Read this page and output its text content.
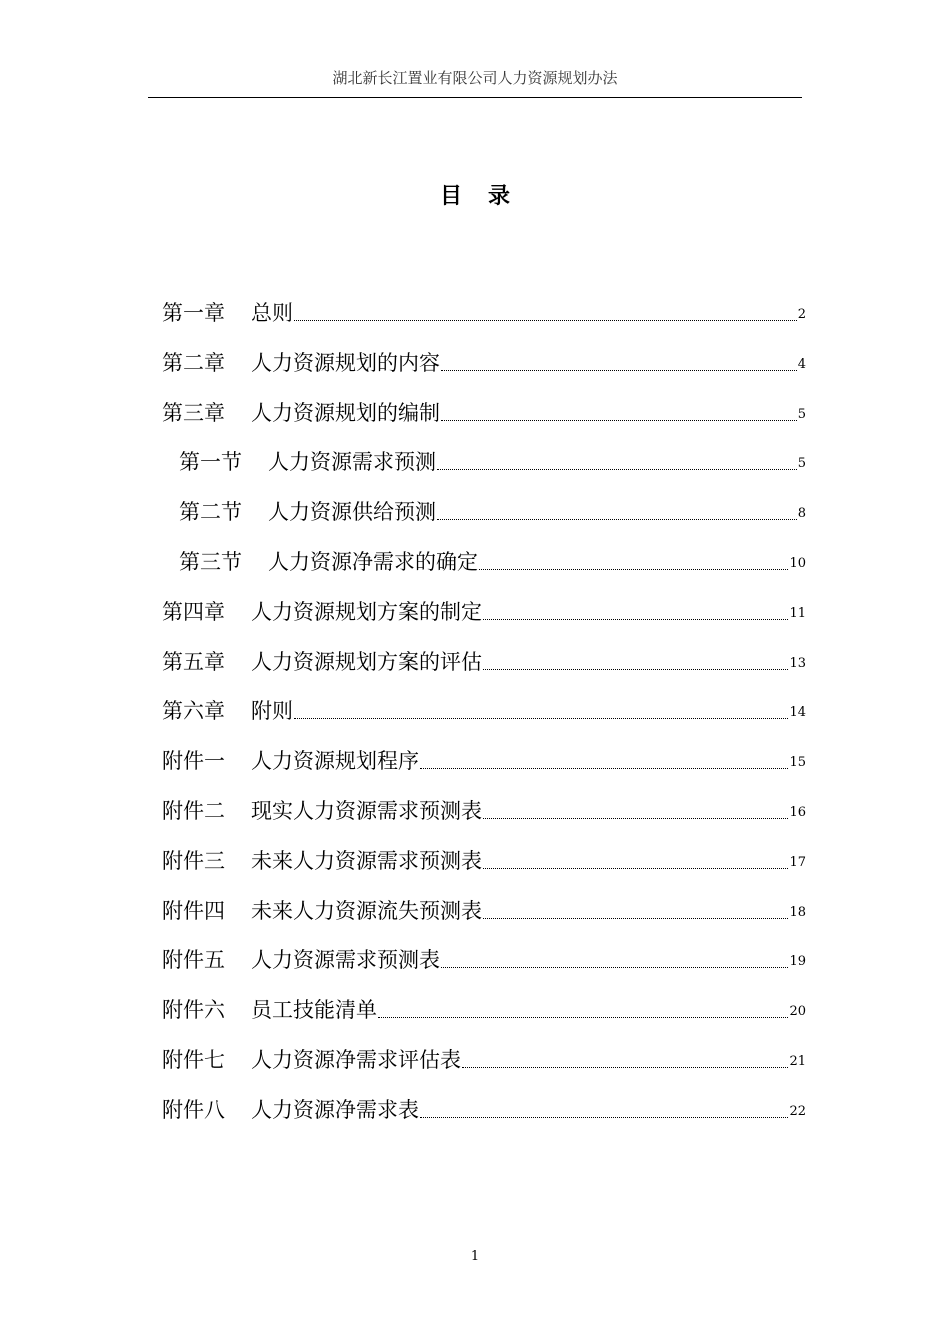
湖北新长江置业有限公司人力资源规划办法
目录
第一章 总则	2
第二章 人力资源规划的内容	4
第三章 人力资源规划的编制	5
第一节 人力资源需求预测	5
第二节 人力资源供给预测	8
第三节 人力资源净需求的确定	10
第四章 人力资源规划方案的制定	11
第五章 人力资源规划方案的评估	13
第六章 附则	14
附件一 人力资源规划程序	15
附件二 现实人力资源需求预测表	16
附件三 未来人力资源需求预测表	17
附件四 未来人力资源流失预测表	18
附件五 人力资源需求预测表	19
附件六 员工技能清单	20
附件七 人力资源净需求评估表	21
附件八 人力资源净需求表	22
1
